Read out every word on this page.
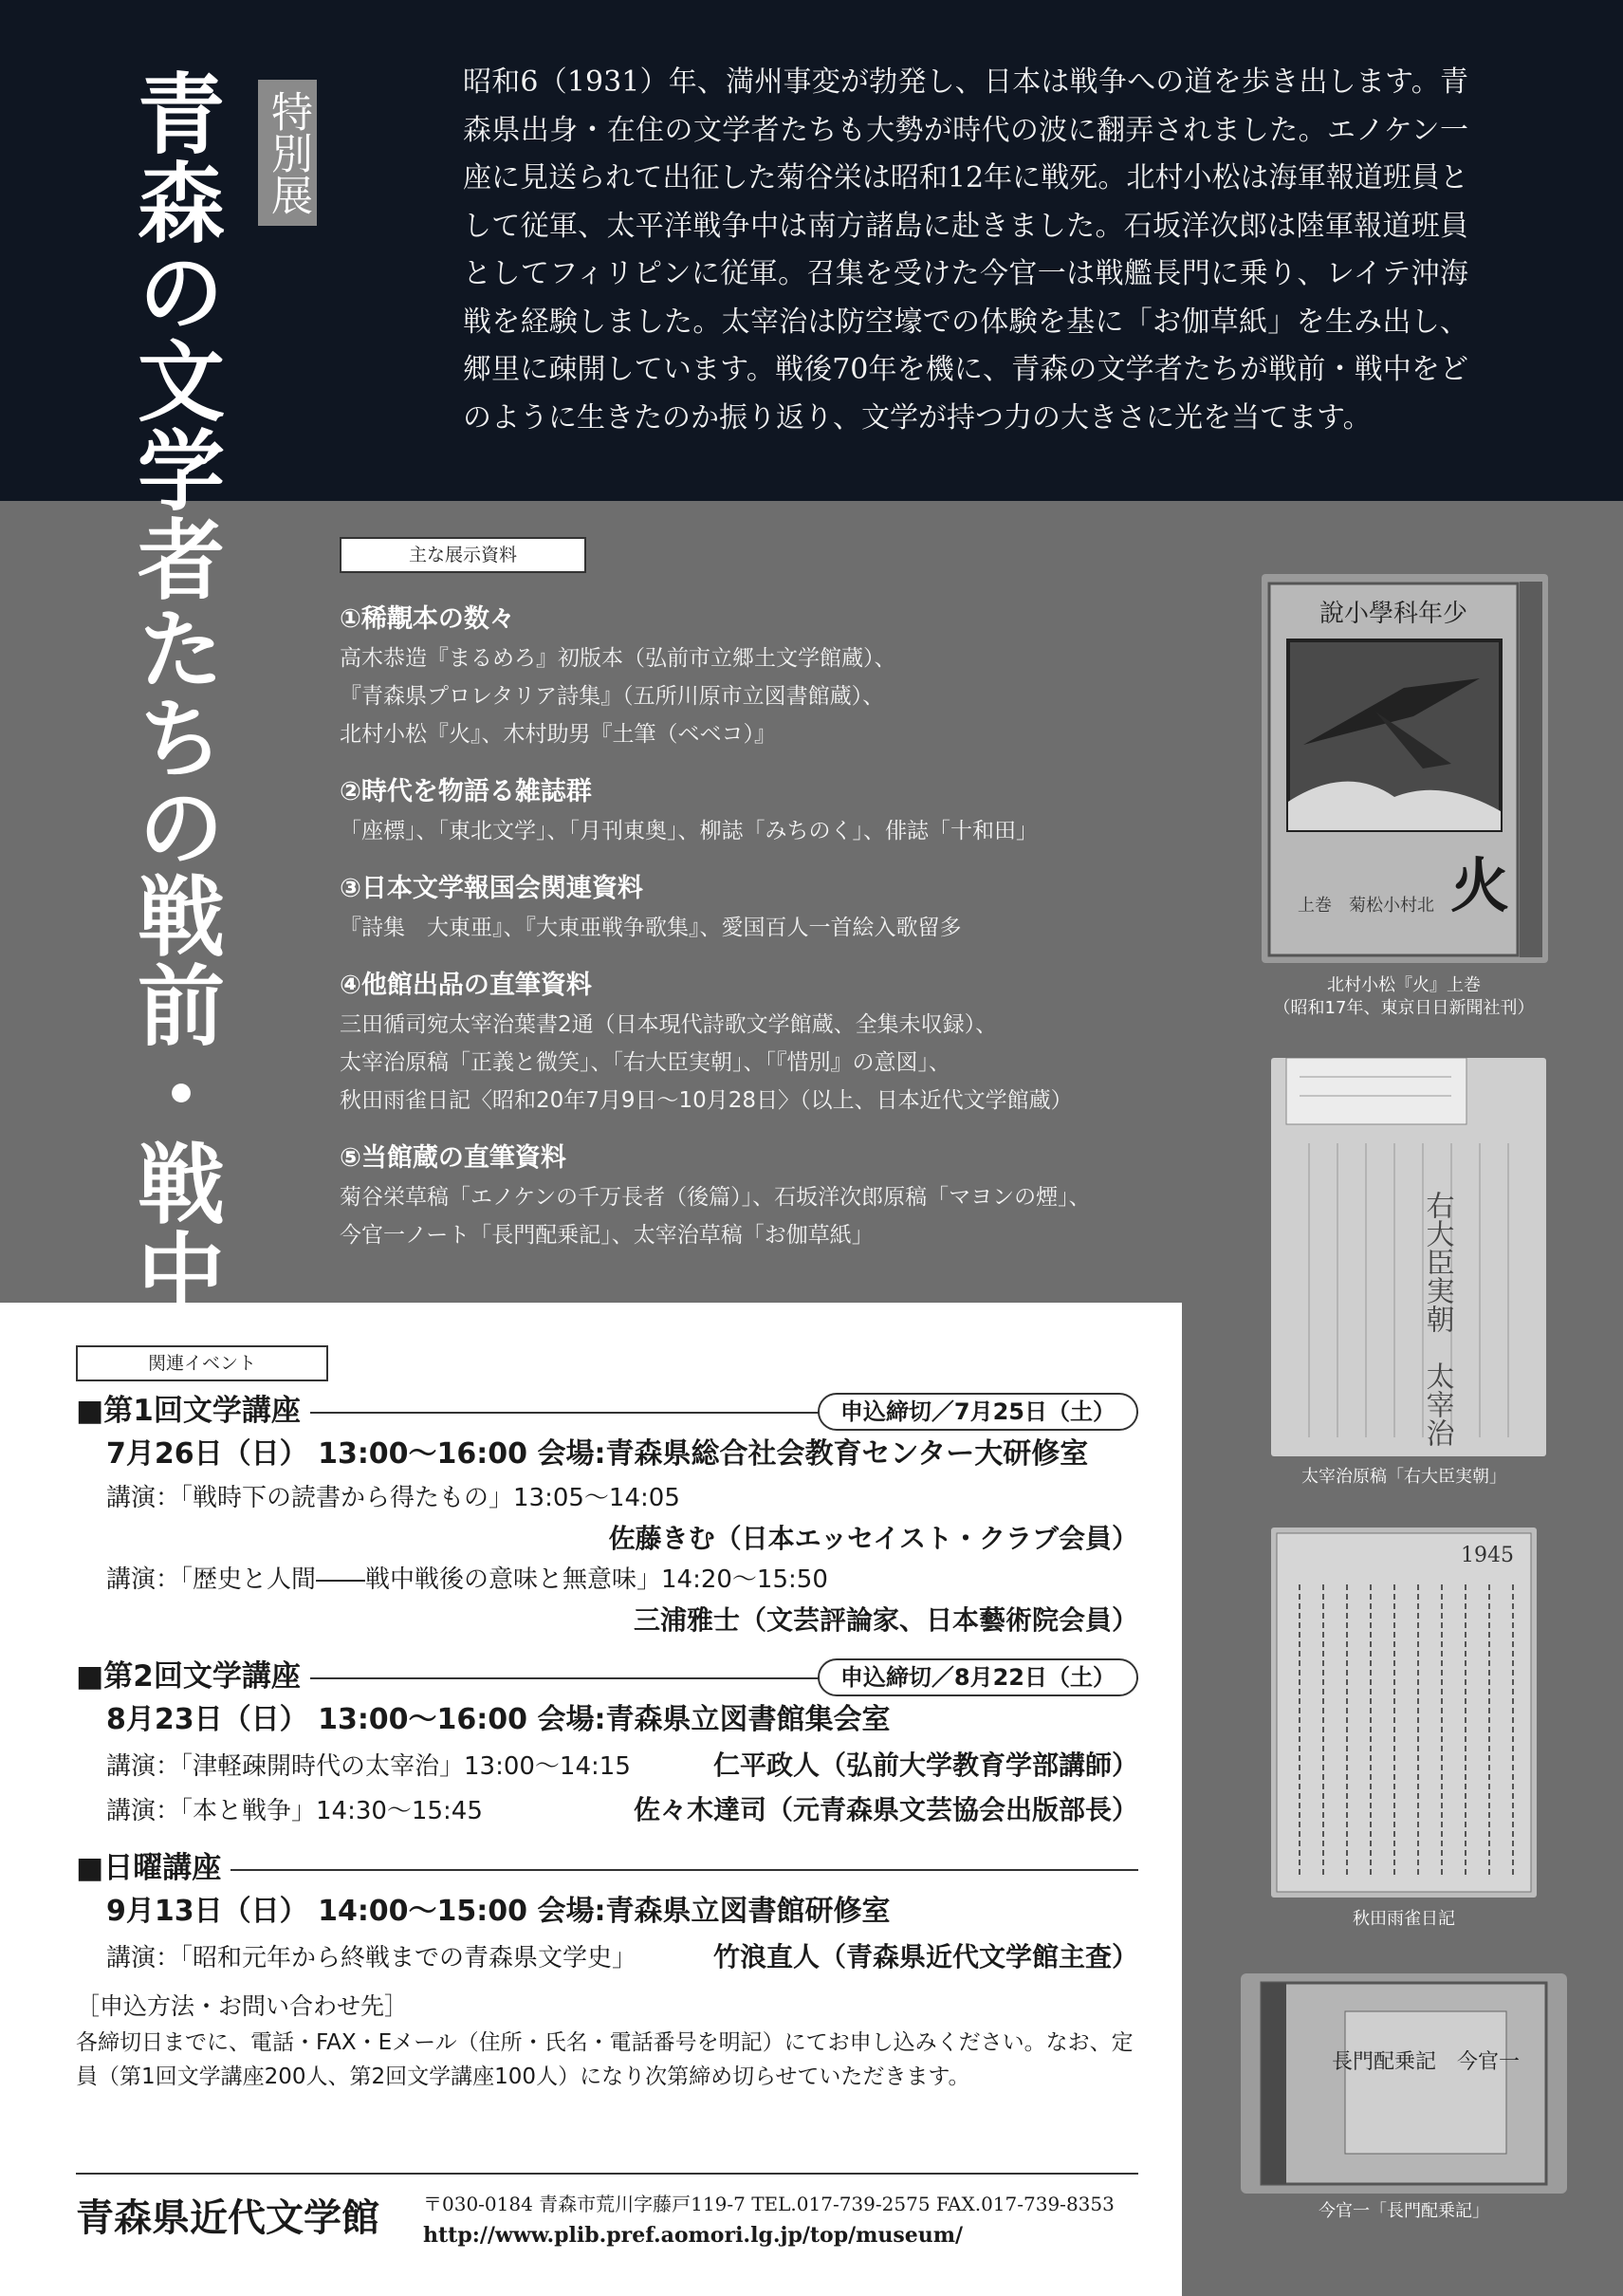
昭和6（1931）年、満州事変が勃発し、日本は戦争への道を歩き出します。青森県出身・在住の文学者たちも大勢が時代の波に翻弄されました。エノケン一座に見送られて出征した菊谷栄は昭和12年に戦死。北村小松は海軍報道班員として従軍、太平洋戦争中は南方諸島に赴きました。石坂洋次郎は陸軍報道班員としてフィリピンに従軍。召集を受けた今官一は戦艦長門に乗り、レイテ沖海戦を経験しました。太宰治は防空壕での体験を基に「お伽草紙」を生み出し、郷里に疎開しています。戦後70年を機に、青森の文学者たちが戦前・戦中をどのように生きたのか振り返り、文学が持つ力の大きさに光を当てます。

青森の文学者たちの戦前・戦中 特別展
主な展示資料
①稀覯本の数々
高木恭造『まるめろ』初版本（弘前市立郷土文学館蔵）、
『青森県プロレタリア詩集』（五所川原市立図書館蔵）、
北村小松『火』、木村助男『土筆（ベベコ）』
②時代を物語る雑誌群
「座標」、「東北文学」、「月刊東奥」、柳誌「みちのく」、俳誌「十和田」
③日本文学報国会関連資料
『詩集　大東亜』、『大東亜戦争歌集』、愛国百人一首絵入歌留多
④他館出品の直筆資料
三田循司宛太宰治葉書2通（日本現代詩歌文学館蔵、全集未収録）、
太宰治原稿「正義と微笑」、「右大臣実朝」、「『惜別』の意図」、
秋田雨雀日記〈昭和20年7月9日〜10月28日〉（以上、日本近代文学館蔵）
⑤当館蔵の直筆資料
菊谷栄草稿「エノケンの千万長者（後篇）」、石坂洋次郎原稿「マヨンの煙」、
今官一ノート「長門配乗記」、太宰治草稿「お伽草紙」
說小學科年少
火
上巻　菊松小村北
北村小松『火』上巻
（昭和17年、東京日日新聞社刊）
右大臣実朝　太宰治
太宰治原稿「右大臣実朝」
1945
秋田雨雀日記
長門配乗記　今官一
今官一「長門配乗記」
関連イベント
■第1回文学講座	申込締切／7月25日（土）
7月26日（日） 13:00〜16:00 会場:青森県総合社会教育センター大研修室
講演：「戦時下の読書から得たもの」13:05〜14:05
佐藤きむ（日本エッセイスト・クラブ会員）
講演：「歴史と人間――戦中戦後の意味と無意味」14:20〜15:50
三浦雅士（文芸評論家、日本藝術院会員）
■第2回文学講座	申込締切／8月22日（土）
8月23日（日） 13:00〜16:00 会場:青森県立図書館集会室
講演：「津軽疎開時代の太宰治」13:00〜14:15	仁平政人（弘前大学教育学部講師）
講演：「本と戦争」14:30〜15:45	佐々木達司（元青森県文芸協会出版部長）
■日曜講座
9月13日（日） 14:00〜15:00 会場:青森県立図書館研修室
講演：「昭和元年から終戦までの青森県文学史」	竹浪直人（青森県近代文学館主査）
［申込方法・お問い合わせ先］
各締切日までに、電話・FAX・Eメール（住所・氏名・電話番号を明記）にてお申し込みください。なお、定員（第1回文学講座200人、第2回文学講座100人）になり次第締め切らせていただきます。
青森県近代文学館 〒030-0184 青森市荒川字藤戸119-7 TEL.017-739-2575 FAX.017-739-8353
http://www.plib.pref.aomori.lg.jp/top/museum/
